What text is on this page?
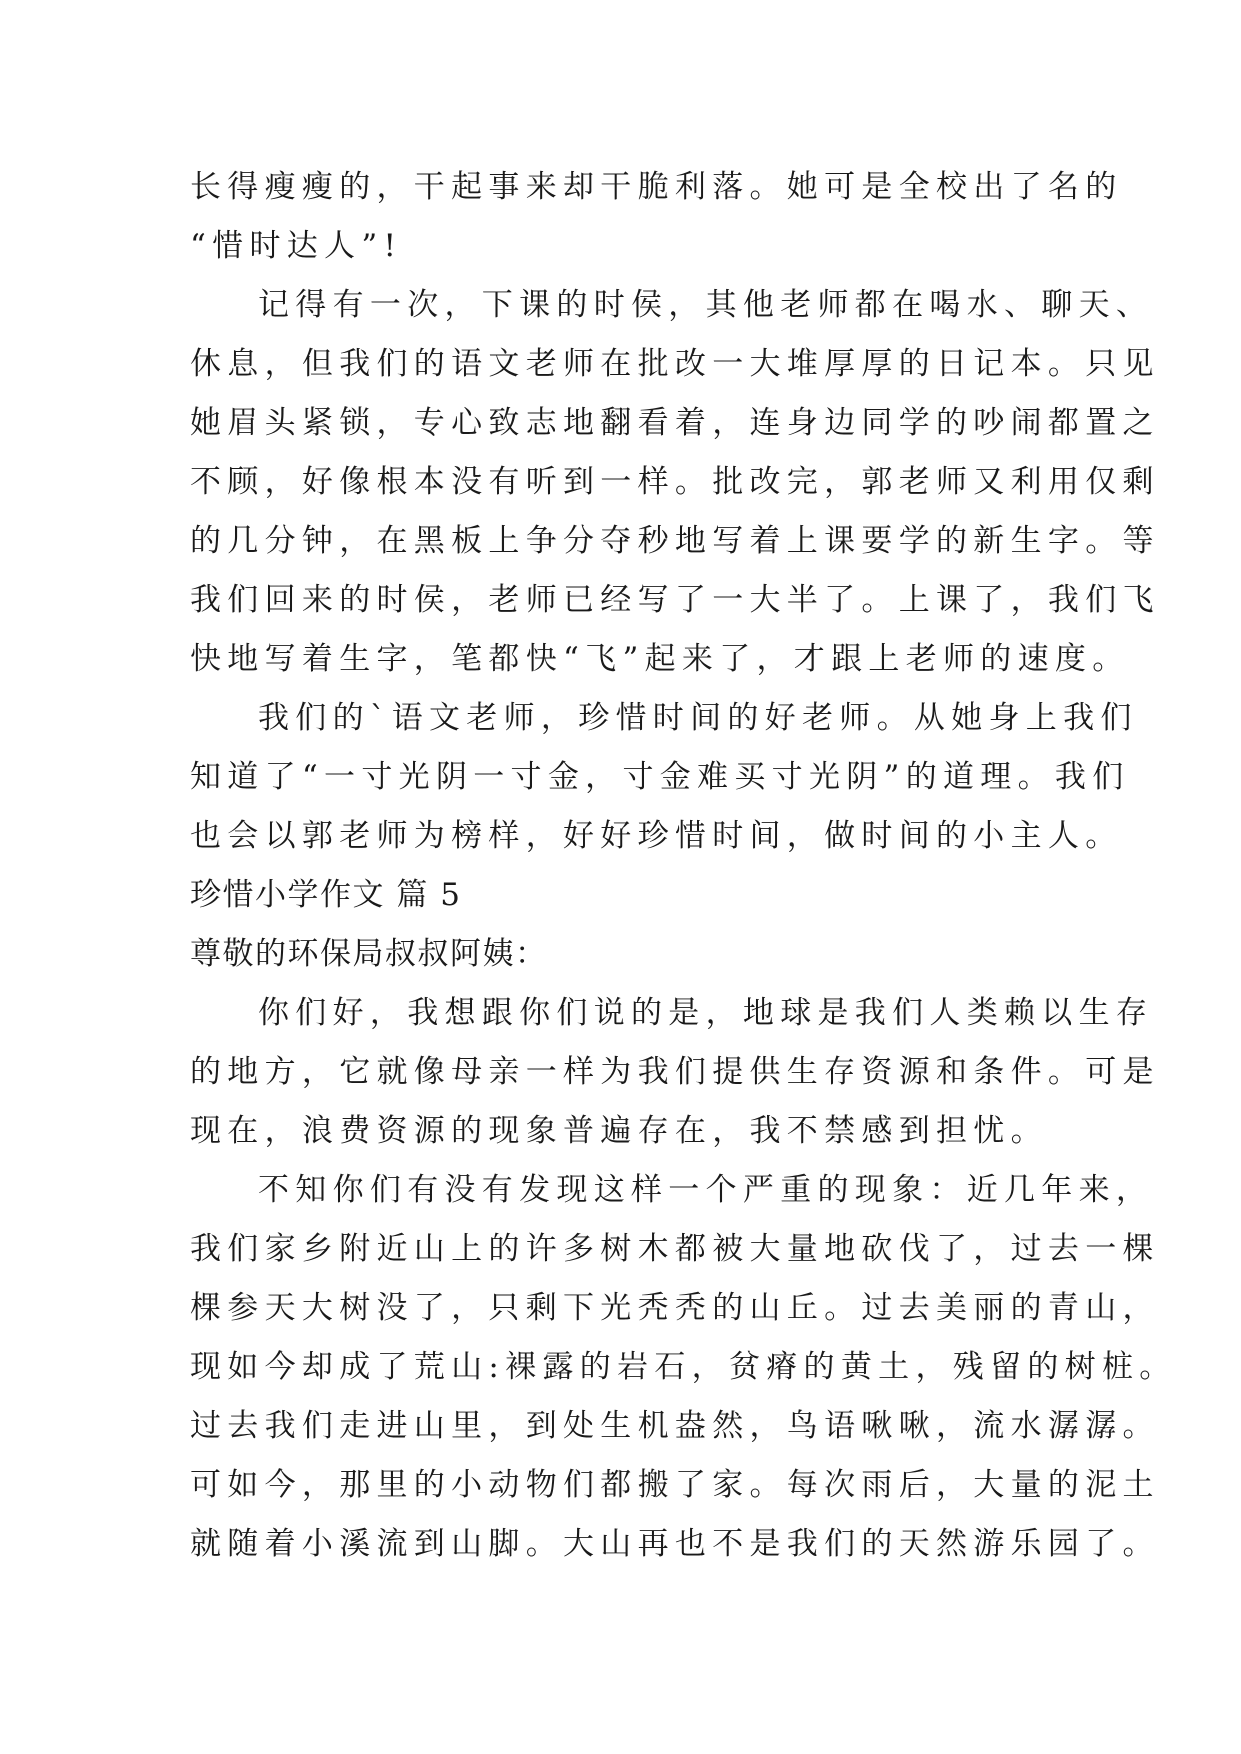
长得瘦瘦的，干起事来却干脆利落。她可是全校出了名的
“惜时达人”!
记得有一次，下课的时侯，其他老师都在喝水、聊天、
休息，但我们的语文老师在批改一大堆厚厚的日记本。只见
她眉头紧锁，专心致志地翻看着，连身边同学的吵闹都置之
不顾，好像根本没有听到一样。批改完，郭老师又利用仅剩
的几分钟，在黑板上争分夺秒地写着上课要学的新生字。等
我们回来的时侯，老师已经写了一大半了。上课了，我们飞
快地写着生字，笔都快“飞”起来了，才跟上老师的速度。
我们的`语文老师，珍惜时间的好老师。从她身上我们
知道了“一寸光阴一寸金，寸金难买寸光阴”的道理。我们
也会以郭老师为榜样，好好珍惜时间，做时间的小主人。
珍惜小学作文 篇 5
尊敬的环保局叔叔阿姨：
你们好，我想跟你们说的是，地球是我们人类赖以生存
的地方，它就像母亲一样为我们提供生存资源和条件。可是
现在，浪费资源的现象普遍存在，我不禁感到担忧。
不知你们有没有发现这样一个严重的现象：近几年来，
我们家乡附近山上的许多树木都被大量地砍伐了，过去一棵
棵参天大树没了，只剩下光秃秃的山丘。过去美丽的青山，
现如今却成了荒山:裸露的岩石，贫瘠的黄土，残留的树桩。
过去我们走进山里，到处生机盎然，鸟语啾啾，流水潺潺。
可如今，那里的小动物们都搬了家。每次雨后，大量的泥土
就随着小溪流到山脚。大山再也不是我们的天然游乐园了。
